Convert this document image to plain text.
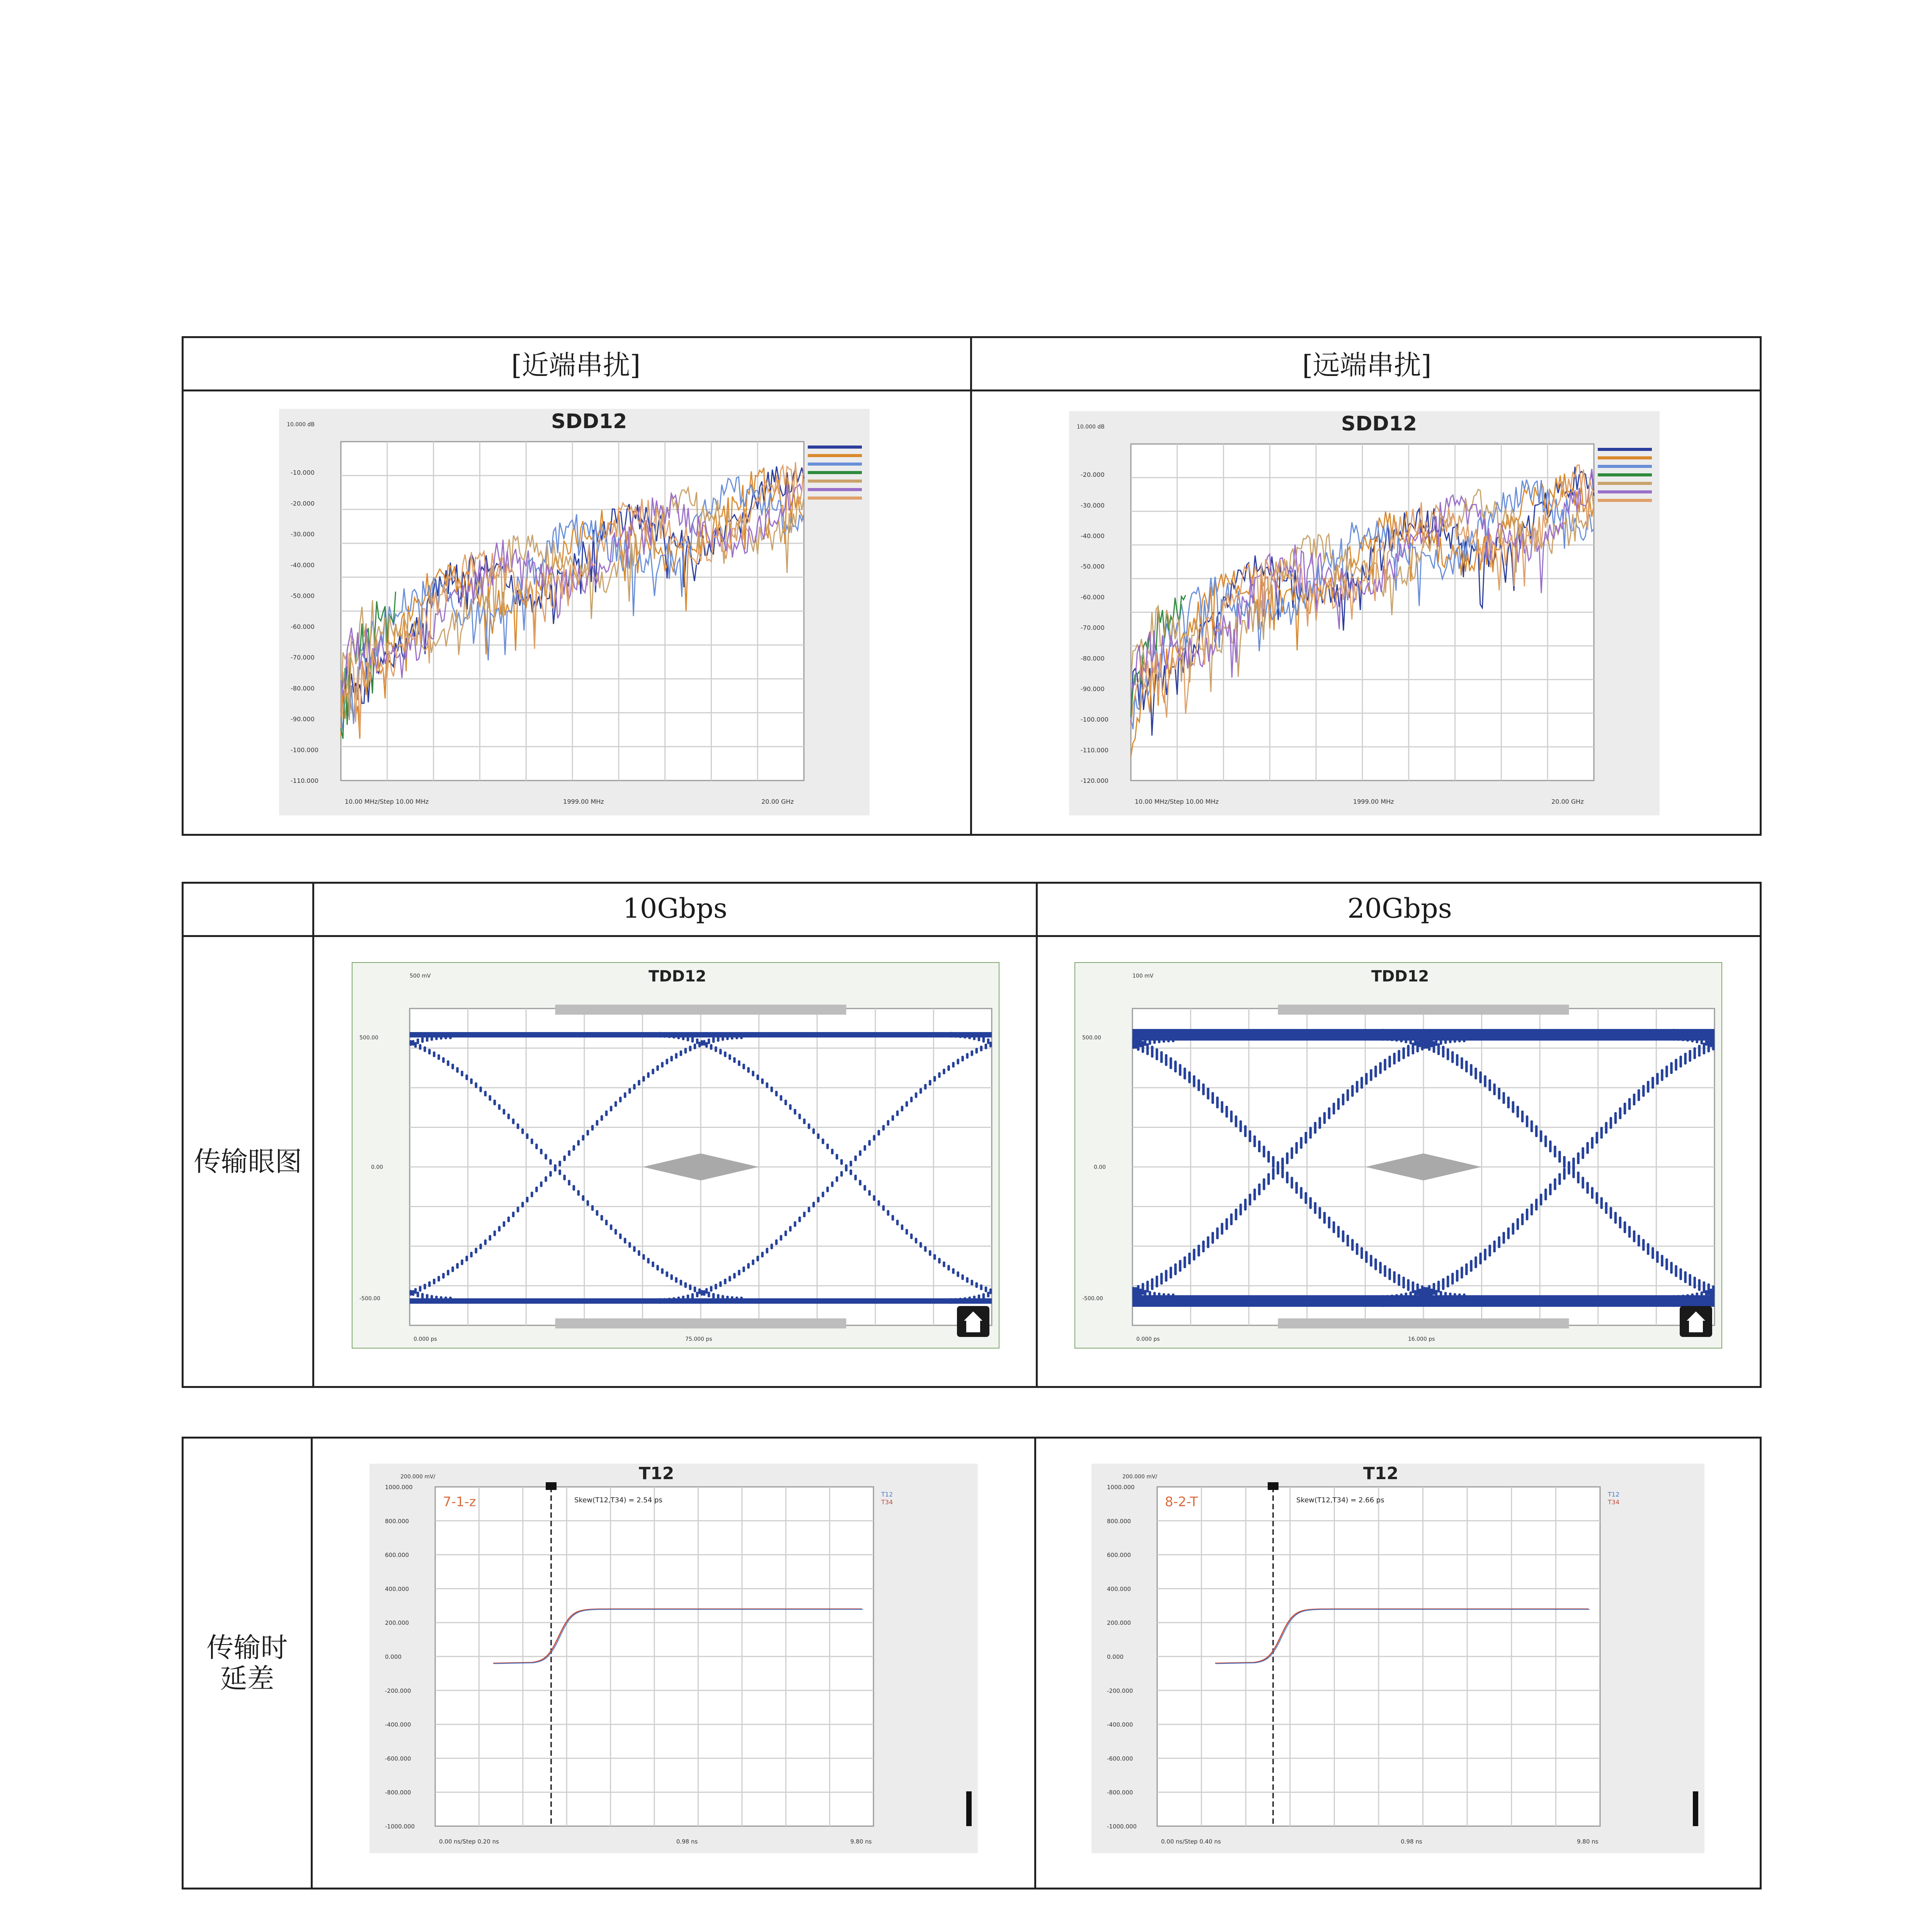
[近端串扰]	[远端串扰]
SDD12
10.000 dB
-10.000
-20.000
-30.000
-40.000
-50.000
-60.000
-70.000
-80.000
-90.000
-100.000
-110.000
10.00 MHz/Step 10.00 MHz	1999.00 MHz	20.00 GHz
SDD12
10.000 dB
-20.000
-30.000
-40.000
-50.000
-60.000
-70.000
-80.000
-90.000
-100.000
-110.000
-120.000
10.00 MHz/Step 10.00 MHz	1999.00 MHz	20.00 GHz
10Gbps	20Gbps
传输眼图
TDD12
500 mV
500.00
0.00
-500.00
0.000 ps	75.000 ps
TDD12
100 mV
500.00
0.00
-500.00
0.000 ps	16.000 ps
传输时
延差
T12
200.000 mV/
1000.000
800.000
600.000
400.000
200.000
0.000
-200.000
-400.000
-600.000
-800.000
-1000.000
0.00 ns/Step 0.20 ns	0.98 ns	9.80 ns
7-1-z	Skew(T12,T34) = 2.54 ps
T12
T34
T12
200.000 mV/
1000.000
800.000
600.000
400.000
200.000
0.000
-200.000
-400.000
-600.000
-800.000
-1000.000
0.00 ns/Step 0.40 ns	0.98 ns	9.80 ns
8-2-T	Skew(T12,T34) = 2.66 ps
T12
T34
